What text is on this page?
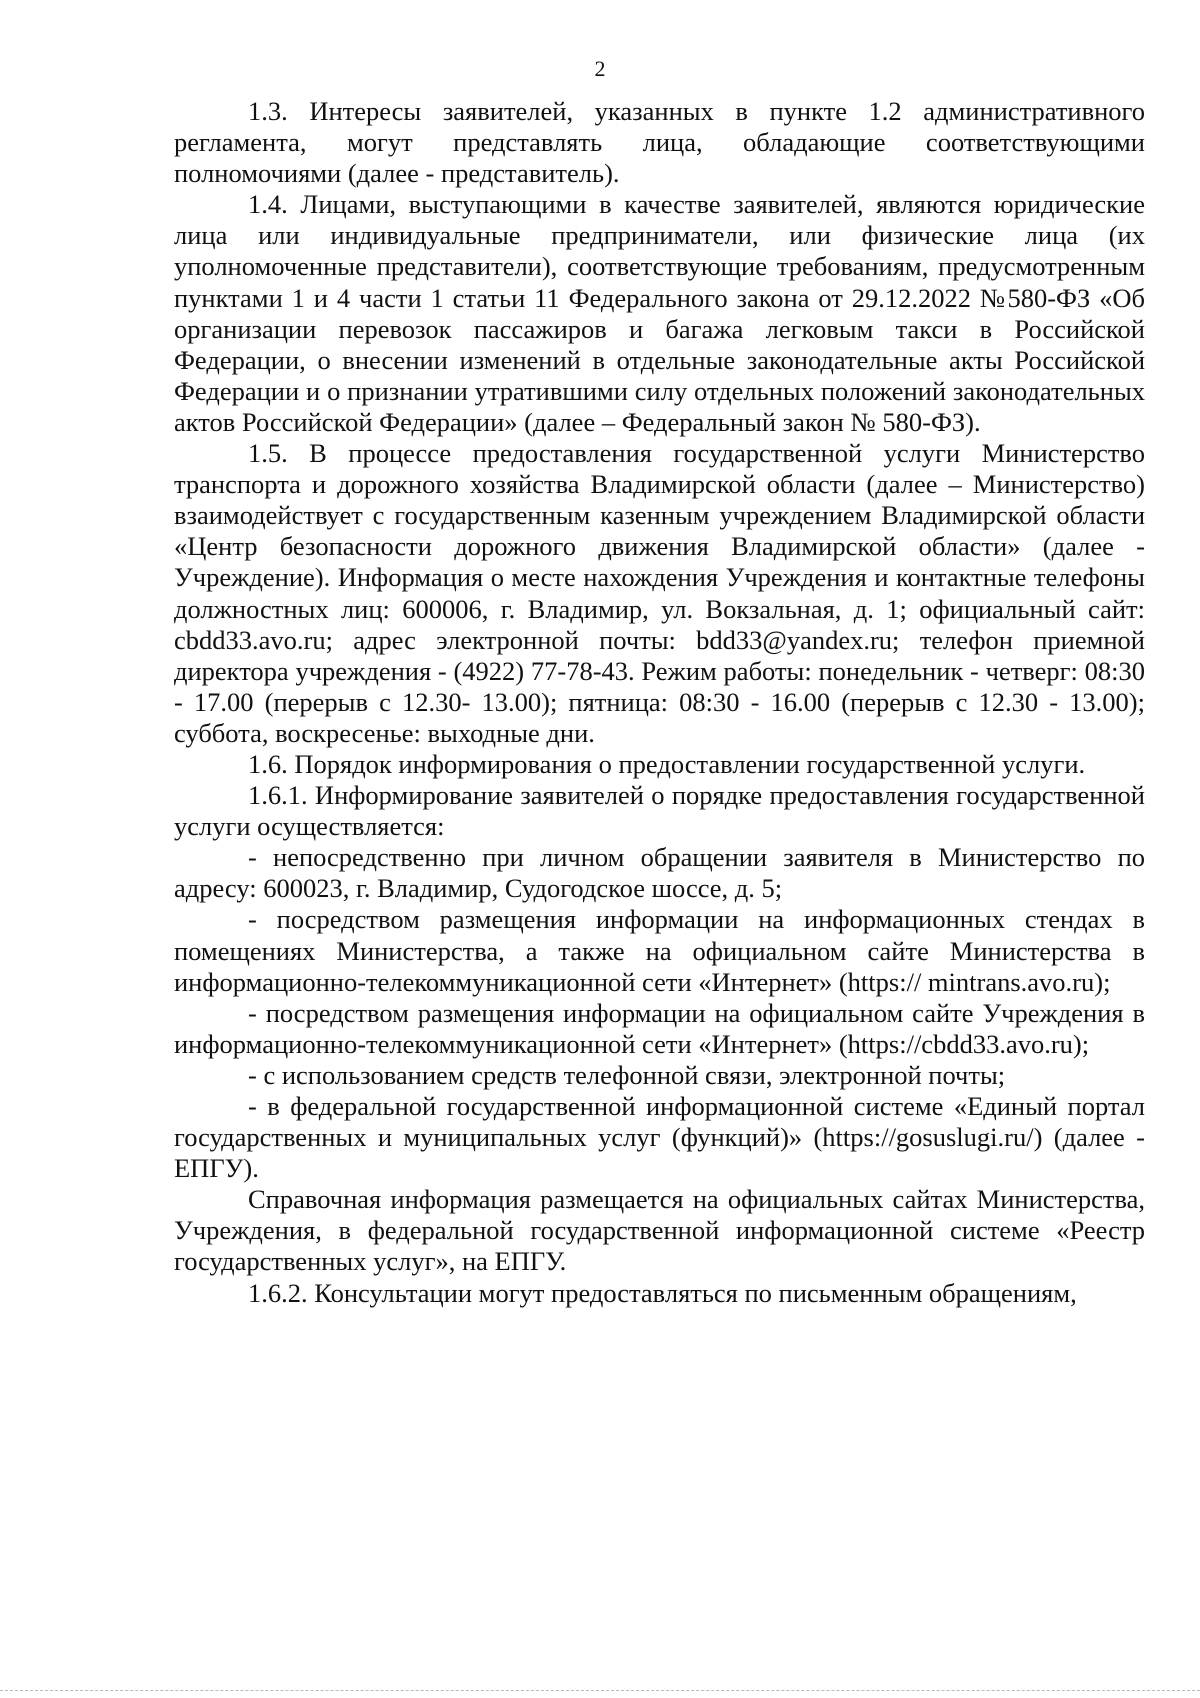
2

1.3. Интересы заявителей, указанных в пункте 1.2 административного регламента, могут представлять лица, обладающие соответствующими полномочиями (далее - представитель).

1.4. Лицами, выступающими в качестве заявителей, являются юридические лица или индивидуальные предприниматели, или физические лица (их уполномоченные представители), соответствующие требованиям, предусмотренным пунктами 1 и 4 части 1 статьи 11 Федерального закона от 29.12.2022 №580-ФЗ «Об организации перевозок пассажиров и багажа легковым такси в Российской Федерации, о внесении изменений в отдельные законодательные акты Российской Федерации и о признании утратившими силу отдельных положений законодательных актов Российской Федерации» (далее – Федеральный закон № 580-ФЗ).

1.5. В процессе предоставления государственной услуги Министерство транспорта и дорожного хозяйства Владимирской области (далее – Министерство) взаимодействует с государственным казенным учреждением Владимирской области «Центр безопасности дорожного движения Владимирской области» (далее - Учреждение). Информация о месте нахождения Учреждения и контактные телефоны должностных лиц: 600006, г. Владимир, ул. Вокзальная, д. 1; официальный сайт: cbdd33.avo.ru; адрес электронной почты: bdd33@yandex.ru; телефон приемной директора учреждения - (4922) 77-78-43. Режим работы: понедельник - четверг: 08:30 - 17.00 (перерыв с 12.30- 13.00); пятница: 08:30 - 16.00 (перерыв с 12.30 - 13.00); суббота, воскресенье: выходные дни.

1.6. Порядок информирования о предоставлении государственной услуги.

1.6.1. Информирование заявителей о порядке предоставления государственной услуги осуществляется:

- непосредственно при личном обращении заявителя в Министерство по адресу: 600023, г. Владимир, Судогодское шоссе, д. 5;

- посредством размещения информации на информационных стендах в помещениях Министерства, а также на официальном сайте Министерства в информационно-телекоммуникационной сети «Интернет» (https:// mintrans.avo.ru);

- посредством размещения информации на официальном сайте Учреждения в информационно-телекоммуникационной сети «Интернет» (https://cbdd33.avo.ru);

- с использованием средств телефонной связи, электронной почты;

- в федеральной государственной информационной системе «Единый портал государственных и муниципальных услуг (функций)» (https://gosuslugi.ru/) (далее - ЕПГУ).

Справочная информация размещается на официальных сайтах Министерства, Учреждения, в федеральной государственной информационной системе «Реестр государственных услуг», на ЕПГУ.

1.6.2. Консультации могут предоставляться по письменным обращениям,
